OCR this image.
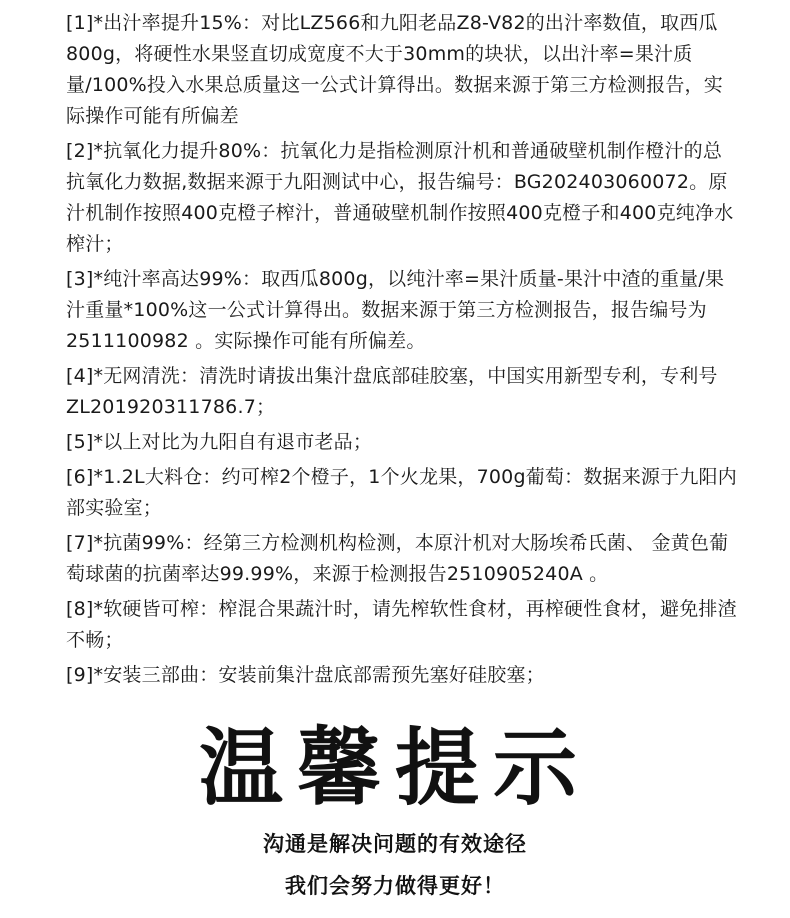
[1]*出汁率提升15%：对比LZ566和九阳老品Z8-V82的出汁率数值，取西瓜800g，将硬性水果竖直切成宽度不大于30mm的块状，以出汁率=果汁质量/100%投入水果总质量这一公式计算得出。数据来源于第三方检测报告，实际操作可能有所偏差

[2]*抗氧化力提升80%：抗氧化力是指检测原汁机和普通破壁机制作橙汁的总抗氧化力数据,数据来源于九阳测试中心，报告编号：BG202403060072。原汁机制作按照400克橙子榨汁，普通破壁机制作按照400克橙子和400克纯净水榨汁；

[3]*纯汁率高达99%：取西瓜800g，以纯汁率=果汁质量-果汁中渣的重量/果汁重量*100%这一公式计算得出。数据来源于第三方检测报告，报告编号为2511100982 。实际操作可能有所偏差。

[4]*无网清洗：清洗时请拔出集汁盘底部硅胶塞，中国实用新型专利，专利号ZL201920311786.7；

[5]*以上对比为九阳自有退市老品；

[6]*1.2L大料仓：约可榨2个橙子，1个火龙果，700g葡萄：数据来源于九阳内部实验室；

[7]*抗菌99%：经第三方检测机构检测，本原汁机对大肠埃希氏菌、 金黄色葡萄球菌的抗菌率达99.99%，来源于检测报告2510905240A 。

[8]*软硬皆可榨：榨混合果蔬汁时，请先榨软性食材，再榨硬性食材，避免排渣不畅；

[9]*安装三部曲：安装前集汁盘底部需预先塞好硅胶塞；

温馨提示
沟通是解决问题的有效途径
我们会努力做得更好！
